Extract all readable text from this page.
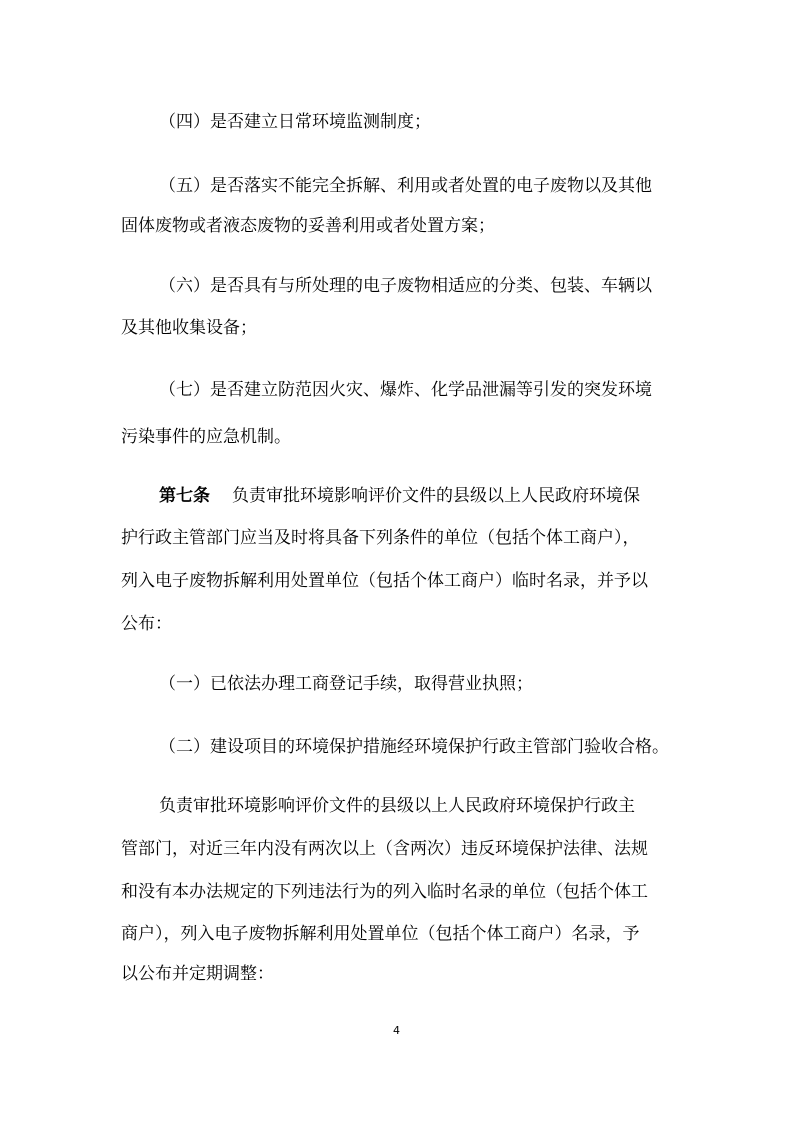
（四）是否建立日常环境监测制度；
（五）是否落实不能完全拆解、利用或者处置的电子废物以及其他
固体废物或者液态废物的妥善利用或者处置方案；
（六）是否具有与所处理的电子废物相适应的分类、包装、车辆以
及其他收集设备；
（七）是否建立防范因火灾、爆炸、化学品泄漏等引发的突发环境
污染事件的应急机制。
第七条 负责审批环境影响评价文件的县级以上人民政府环境保
护行政主管部门应当及时将具备下列条件的单位（包括个体工商户），
列入电子废物拆解利用处置单位（包括个体工商户）临时名录，并予以
公布：
（一）已依法办理工商登记手续，取得营业执照；
（二）建设项目的环境保护措施经环境保护行政主管部门验收合格。
负责审批环境影响评价文件的县级以上人民政府环境保护行政主
管部门，对近三年内没有两次以上（含两次）违反环境保护法律、法规
和没有本办法规定的下列违法行为的列入临时名录的单位（包括个体工
商户），列入电子废物拆解利用处置单位（包括个体工商户）名录，予
以公布并定期调整：
4
